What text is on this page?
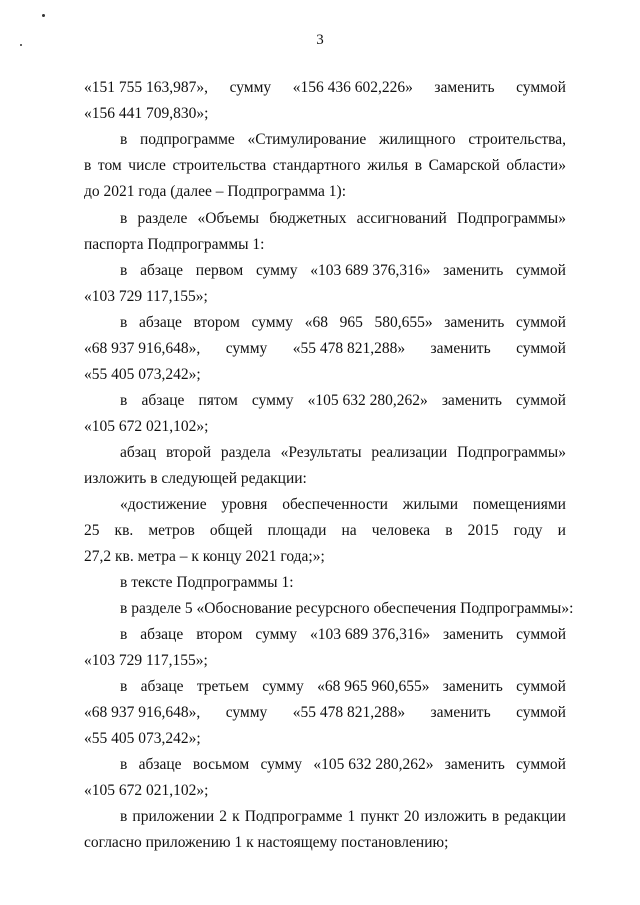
3
«151 755 163,987», сумму «156 436 602,226» заменить суммой
«156 441 709,830»;
в подпрограмме «Стимулирование жилищного строительства,
в том числе строительства стандартного жилья в Самарской области»
до 2021 года (далее – Подпрограмма 1):
в разделе «Объемы бюджетных ассигнований Подпрограммы»
паспорта Подпрограммы 1:
в абзаце первом сумму «103 689 376,316» заменить суммой
«103 729 117,155»;
в абзаце втором сумму «68 965 580,655» заменить суммой
«68 937 916,648», сумму «55 478 821,288» заменить суммой
«55 405 073,242»;
в абзаце пятом сумму «105 632 280,262» заменить суммой
«105 672 021,102»;
абзац второй раздела «Результаты реализации Подпрограммы»
изложить в следующей редакции:
«достижение уровня обеспеченности жилыми помещениями
25 кв. метров общей площади на человека в 2015 году и
27,2 кв. метра – к концу 2021 года;»;
в тексте Подпрограммы 1:
в разделе 5 «Обоснование ресурсного обеспечения Подпрограммы»:
в абзаце втором сумму «103 689 376,316» заменить суммой
«103 729 117,155»;
в абзаце третьем сумму «68 965 960,655» заменить суммой
«68 937 916,648», сумму «55 478 821,288» заменить суммой
«55 405 073,242»;
в абзаце восьмом сумму «105 632 280,262» заменить суммой
«105 672 021,102»;
в приложении 2 к Подпрограмме 1 пункт 20 изложить в редакции
согласно приложению 1 к настоящему постановлению;
